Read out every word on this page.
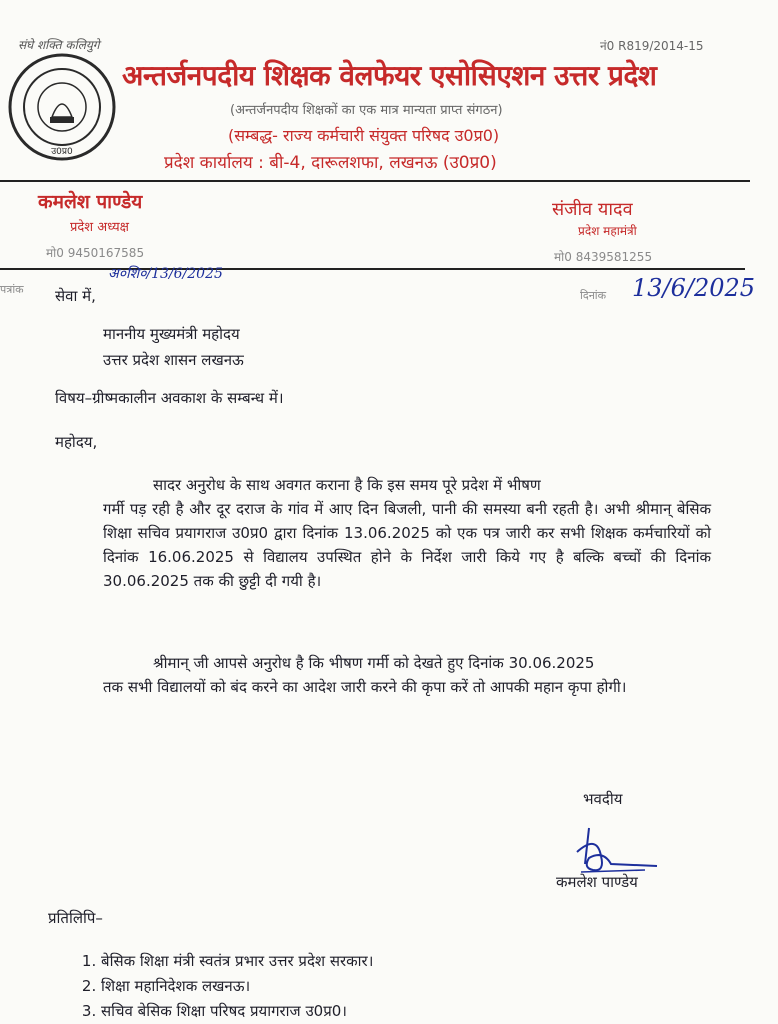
संघे शक्ति कलियुगे	नं0 R819/2014-15
उ0प्र0
अन्तर्जनपदीय शिक्षक वेलफेयर एसोसिएशन उत्तर प्रदेश
(अन्तर्जनपदीय शिक्षकों का एक मात्र मान्यता प्राप्त संगठन)
(सम्बद्ध- राज्य कर्मचारी संयुक्त परिषद उ0प्र0)
प्रदेश कार्यालय : बी-4, दारूलशफा, लखनऊ (उ0प्र0)
कमलेश पाण्डेय
प्रदेश अध्यक्ष
मो0 9450167585
संजीव यादव
प्रदेश महामंत्री
मो0 8439581255
पत्रांक
अ०शि०/13/6/2025
दिनांक 13/6/2025
सेवा में,
माननीय मुख्यमंत्री महोदय
उत्तर प्रदेश शासन लखनऊ
विषय–ग्रीष्मकालीन अवकाश के सम्बन्ध में।
महोदय,
सादर अनुरोध के साथ अवगत कराना है कि इस समय पूरे प्रदेश में भीषण
गर्मी पड़ रही है और दूर दराज के गांव में आए दिन बिजली, पानी की समस्या बनी रहती है। अभी श्रीमान् बेसिक शिक्षा सचिव प्रयागराज उ0प्र0 द्वारा दिनांक 13.06.2025 को एक पत्र जारी कर सभी शिक्षक कर्मचारियों को दिनांक 16.06.2025 से विद्यालय उपस्थित होने के निर्देश जारी किये गए है बल्कि बच्चों की दिनांक 30.06.2025 तक की छुट्टी दी गयी है।
श्रीमान् जी आपसे अनुरोध है कि भीषण गर्मी को देखते हुए दिनांक 30.06.2025
तक सभी विद्यालयों को बंद करने का आदेश जारी करने की कृपा करें तो आपकी महान कृपा होगी।
भवदीय
कमलेश पाण्डेय
प्रतिलिपि–
1. बेसिक शिक्षा मंत्री स्वतंत्र प्रभार उत्तर प्रदेश सरकार।
2. शिक्षा महानिदेशक लखनऊ।
3. सचिव बेसिक शिक्षा परिषद प्रयागराज उ0प्र0।
